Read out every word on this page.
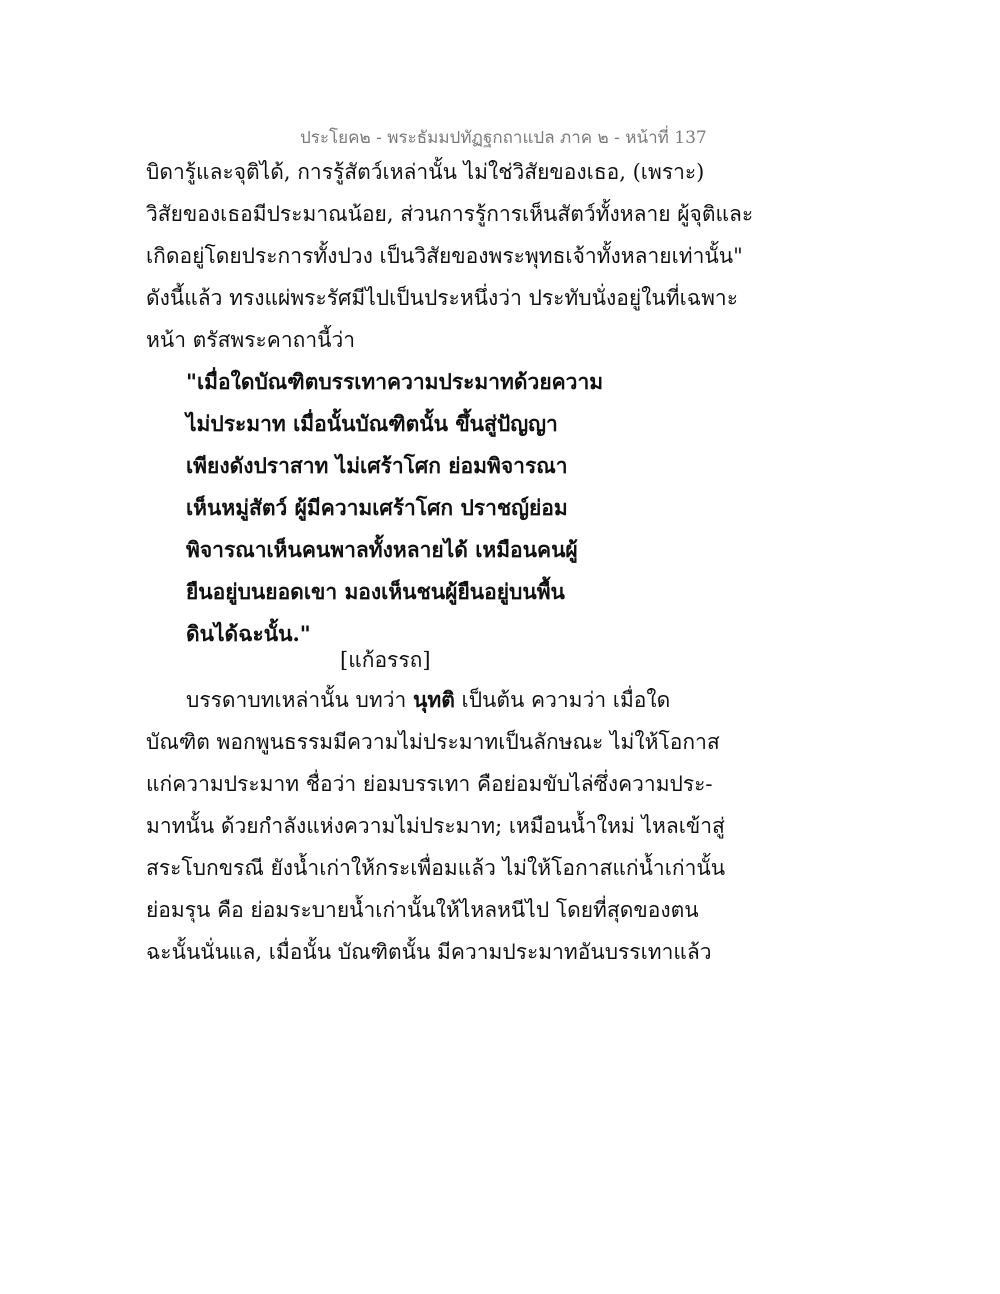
ประโยค๒ - พระธัมมปทัฏฐกถาแปล ภาค ๒ - หน้าที่ 137
บิดารู้และจุติได้, การรู้สัตว์เหล่านั้น ไม่ใช่วิสัยของเธอ, (เพราะ)
วิสัยของเธอมีประมาณน้อย, ส่วนการรู้การเห็นสัตว์ทั้งหลาย ผู้จุติและ
เกิดอยู่โดยประการทั้งปวง เป็นวิสัยของพระพุทธเจ้าทั้งหลายเท่านั้น"
ดังนี้แล้ว ทรงแผ่พระรัศมีไปเป็นประหนึ่งว่า ประทับนั่งอยู่ในที่เฉพาะ
หน้า ตรัสพระคาถานี้ว่า
"เมื่อใดบัณฑิตบรรเทาความประมาทด้วยความ
ไม่ประมาท เมื่อนั้นบัณฑิตนั้น ขึ้นสู่ปัญญา
เพียงดังปราสาท ไม่เศร้าโศก ย่อมพิจารณา
เห็นหมู่สัตว์ ผู้มีความเศร้าโศก ปราชญ์ย่อม
พิจารณาเห็นคนพาลทั้งหลายได้ เหมือนคนผู้
ยืนอยู่บนยอดเขา มองเห็นชนผู้ยืนอยู่บนพื้น
ดินได้ฉะนั้น."
[แก้อรรถ]
บรรดาบทเหล่านั้น บทว่า นุทติ เป็นต้น ความว่า เมื่อใด
บัณฑิต พอกพูนธรรมมีความไม่ประมาทเป็นลักษณะ ไม่ให้โอกาส
แก่ความประมาท ชื่อว่า ย่อมบรรเทา คือย่อมขับไล่ซึ่งความประ-
มาทนั้น ด้วยกำลังแห่งความไม่ประมาท; เหมือนน้ำใหม่ ไหลเข้าสู่
สระโบกขรณี ยังน้ำเก่าให้กระเพื่อมแล้ว ไม่ให้โอกาสแก่น้ำเก่านั้น
ย่อมรุน คือ ย่อมระบายน้ำเก่านั้นให้ไหลหนีไป โดยที่สุดของตน
ฉะนั้นนั่นแล, เมื่อนั้น บัณฑิตนั้น มีความประมาทอันบรรเทาแล้ว
